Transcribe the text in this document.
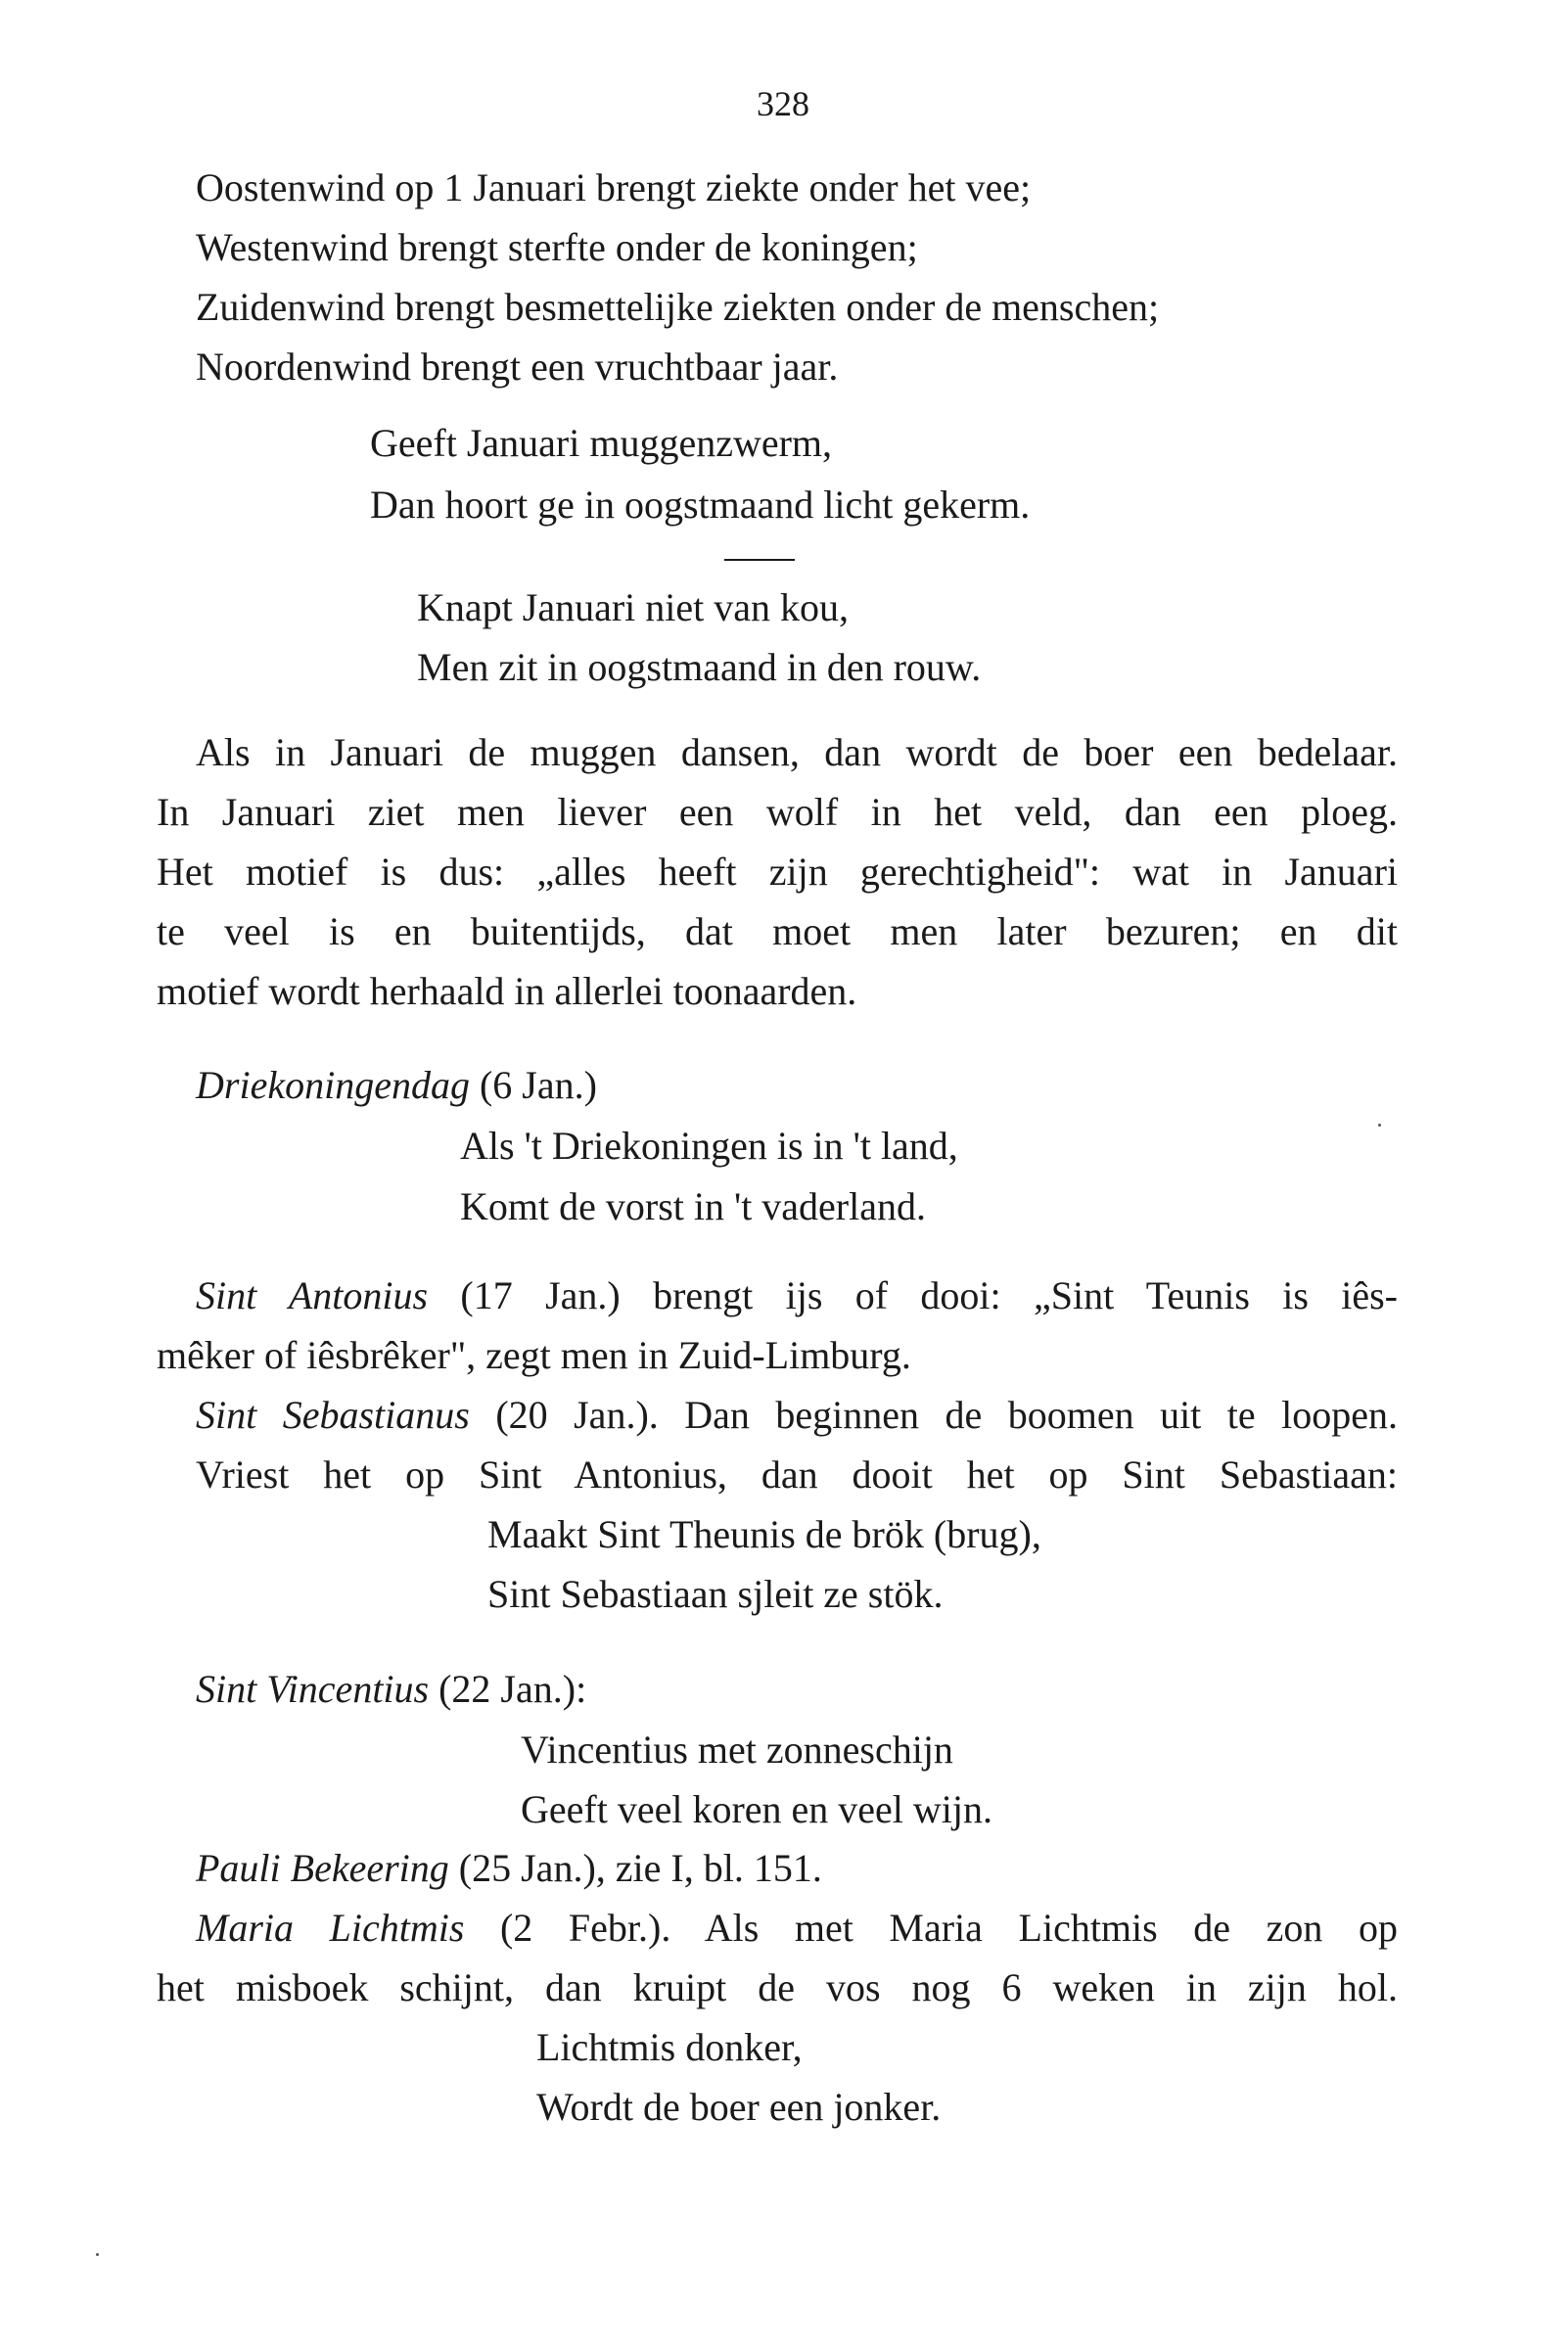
328
Oostenwind op 1 Januari brengt ziekte onder het vee;
Westenwind brengt sterfte onder de koningen;
Zuidenwind brengt besmettelijke ziekten onder de menschen;
Noordenwind brengt een vruchtbaar jaar.
Geeft Januari muggenzwerm,
Dan hoort ge in oogstmaand licht gekerm.
Knapt Januari niet van kou,
Men zit in oogstmaand in den rouw.
Als in Januari de muggen dansen, dan wordt de boer een bedelaar.
In Januari ziet men liever een wolf in het veld, dan een ploeg.
Het motief is dus: „alles heeft zijn gerechtigheid": wat in Januari
te veel is en buitentijds, dat moet men later bezuren; en dit
motief wordt herhaald in allerlei toonaarden.
Driekoningendag (6 Jan.)
Als 't Driekoningen is in 't land,
Komt de vorst in 't vaderland.
Sint Antonius (17 Jan.) brengt ijs of dooi: „Sint Teunis is iês-
mêker of iêsbrêker", zegt men in Zuid-Limburg.
Sint Sebastianus (20 Jan.). Dan beginnen de boomen uit te loopen.
Vriest het op Sint Antonius, dan dooit het op Sint Sebastiaan:
Maakt Sint Theunis de brök (brug),
Sint Sebastiaan sjleit ze stök.
Sint Vincentius (22 Jan.):
Vincentius met zonneschijn
Geeft veel koren en veel wijn.
Pauli Bekeering (25 Jan.), zie I, bl. 151.
Maria Lichtmis (2 Febr.). Als met Maria Lichtmis de zon op
het misboek schijnt, dan kruipt de vos nog 6 weken in zijn hol.
Lichtmis donker,
Wordt de boer een jonker.
